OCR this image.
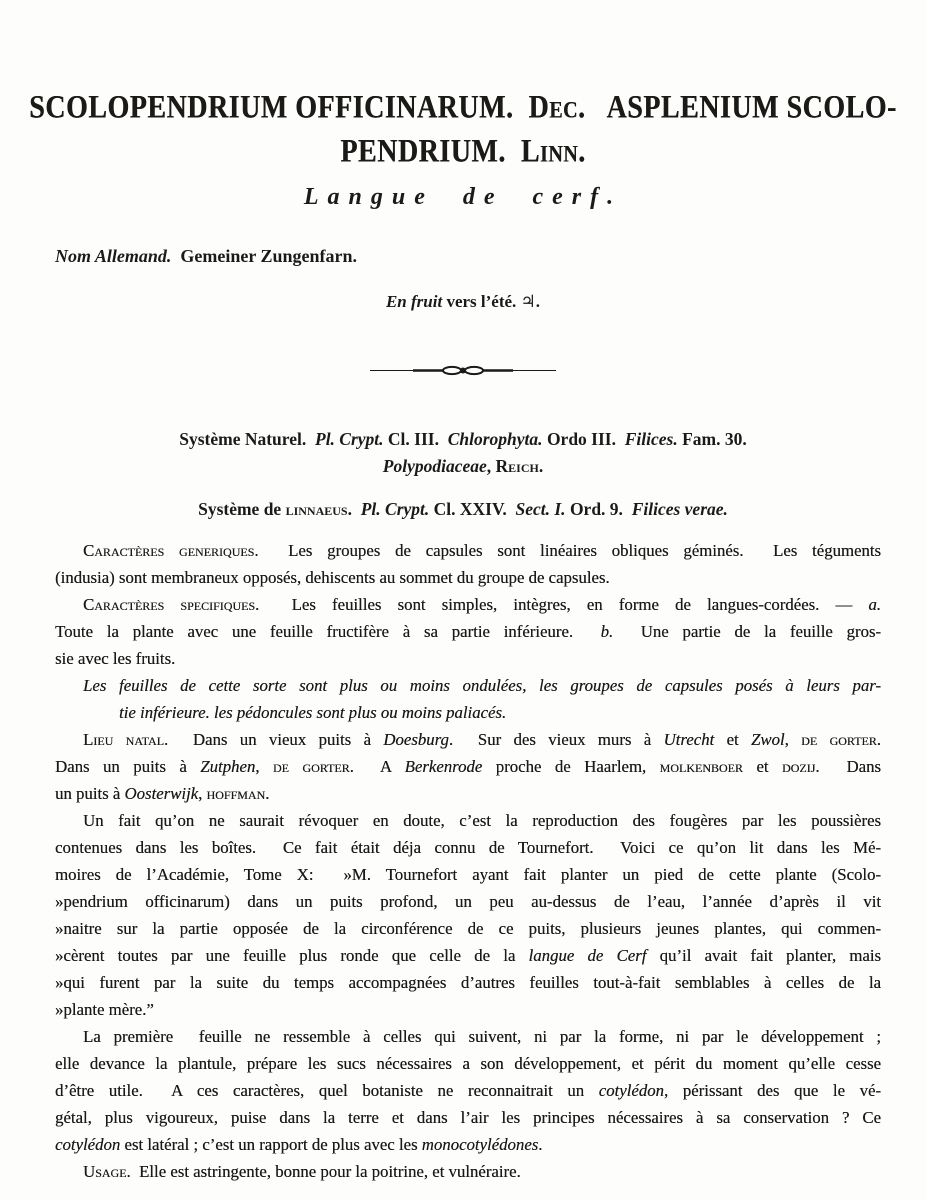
SCOLOPENDRIUM OFFICINARUM.  Dec.   ASPLENIUM SCOLO-
PENDRIUM.  Linn.
Langue de cerf.
Nom Allemand.  Gemeiner Zungenfarn.
En fruit vers l’été. ♃.
Système Naturel.  Pl. Crypt. Cl. III.  Chlorophyta. Ordo III.  Filices. Fam. 30.
Polypodiaceae, Reich.
Système de linnaeus. Pl. Crypt. Cl. XXIV.  Sect. I. Ord. 9.  Filices verae.
Caractères generiques.  Les groupes de capsules sont linéaires obliques géminés.  Les téguments
(indusia) sont membraneux opposés, dehiscents au sommet du groupe de capsules.
Caractères specifiques.  Les feuilles sont simples, intègres, en forme de langues-cordées. — a.
Toute la plante avec une feuille fructifère à sa partie inférieure.  b.  Une partie de la feuille gros-
sie avec les fruits.
Les feuilles de cette sorte sont plus ou moins ondulées, les groupes de capsules posés à leurs par-
tie inférieure. les pédoncules sont plus ou moins paliacés.
Lieu natal.  Dans un vieux puits à Doesburg.  Sur des vieux murs à Utrecht et Zwol, de gorter.
Dans un puits à Zutphen, de gorter.  A Berkenrode proche de Haarlem, molkenboer et dozij.  Dans
un puits à Oosterwijk, hoffman.
Un fait qu’on ne saurait révoquer en doute, c’est la reproduction des fougères par les poussières
contenues dans les boîtes.  Ce fait était déja connu de Tournefort.  Voici ce qu’on lit dans les Mé-
moires de l’Académie, Tome X:  »M. Tournefort ayant fait planter un pied de cette plante (Scolo-
»pendrium officinarum) dans un puits profond, un peu au-dessus de l’eau, l’année d’après il vit
»naitre sur la partie opposée de la circonférence de ce puits, plusieurs jeunes plantes, qui commen-
»cèrent toutes par une feuille plus ronde que celle de la langue de Cerf qu’il avait fait planter, mais
»qui furent par la suite du temps accompagnées d’autres feuilles tout-à-fait semblables à celles de la
»plante mère.”
La première  feuille ne ressemble à celles qui suivent, ni par la forme, ni par le développement ;
elle devance la plantule, prépare les sucs nécessaires a son développement, et périt du moment qu’elle cesse
d’être utile.  A ces caractères, quel botaniste ne reconnaitrait un cotylédon, périssant des que le vé-
gétal, plus vigoureux, puise dans la terre et dans l’air les principes nécessaires à sa conservation ? Ce
cotylédon est latéral ; c’est un rapport de plus avec les monocotylédones.
Usage.  Elle est astringente, bonne pour la poitrine, et vulnéraire.
